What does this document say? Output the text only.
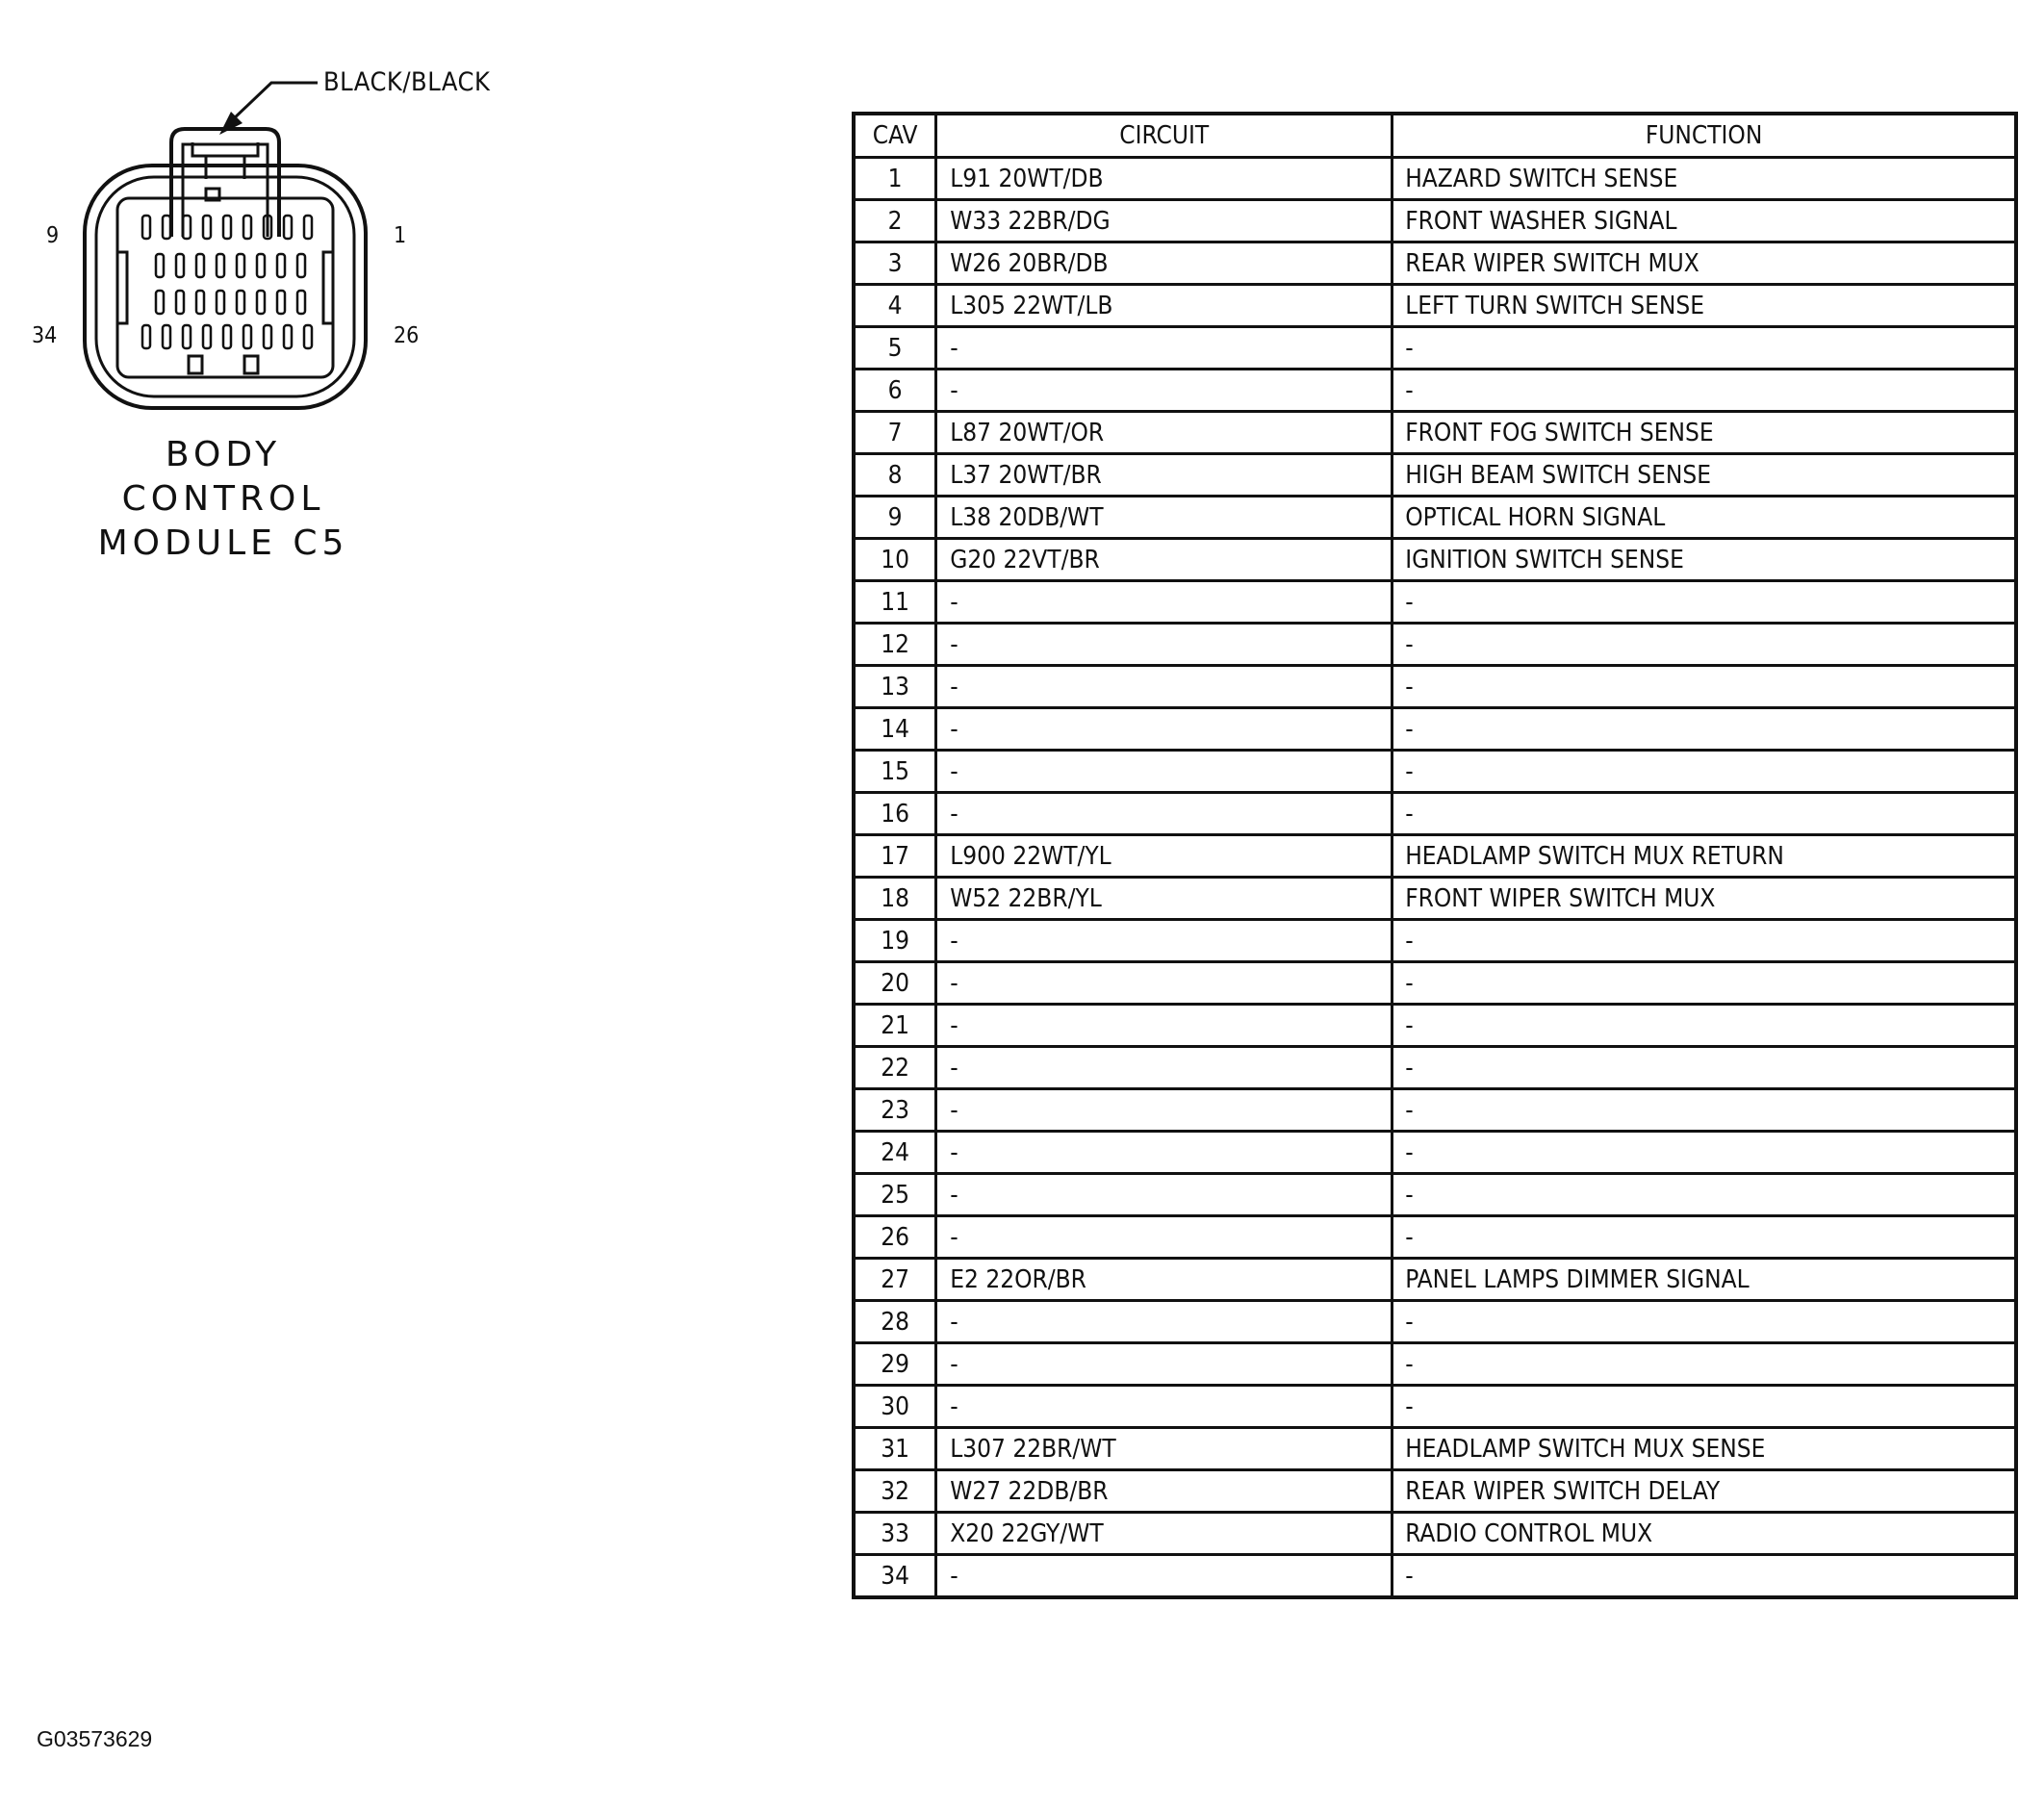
BLACK/BLACK
9	1
34	26
BODY
CONTROL
MODULE C5
G03573629
CAV	CIRCUIT	FUNCTION
1	L91 20WT/DB	HAZARD SWITCH SENSE
2	W33 22BR/DG	FRONT WASHER SIGNAL
3	W26 20BR/DB	REAR WIPER SWITCH MUX
4	L305 22WT/LB	LEFT TURN SWITCH SENSE
5	-	-
6	-	-
7	L87 20WT/OR	FRONT FOG SWITCH SENSE
8	L37 20WT/BR	HIGH BEAM SWITCH SENSE
9	L38 20DB/WT	OPTICAL HORN SIGNAL
10	G20 22VT/BR	IGNITION SWITCH SENSE
11	-	-
12	-	-
13	-	-
14	-	-
15	-	-
16	-	-
17	L900 22WT/YL	HEADLAMP SWITCH MUX RETURN
18	W52 22BR/YL	FRONT WIPER SWITCH MUX
19	-	-
20	-	-
21	-	-
22	-	-
23	-	-
24	-	-
25	-	-
26	-	-
27	E2 22OR/BR	PANEL LAMPS DIMMER SIGNAL
28	-	-
29	-	-
30	-	-
31	L307 22BR/WT	HEADLAMP SWITCH MUX SENSE
32	W27 22DB/BR	REAR WIPER SWITCH DELAY
33	X20 22GY/WT	RADIO CONTROL MUX
34	-	-
